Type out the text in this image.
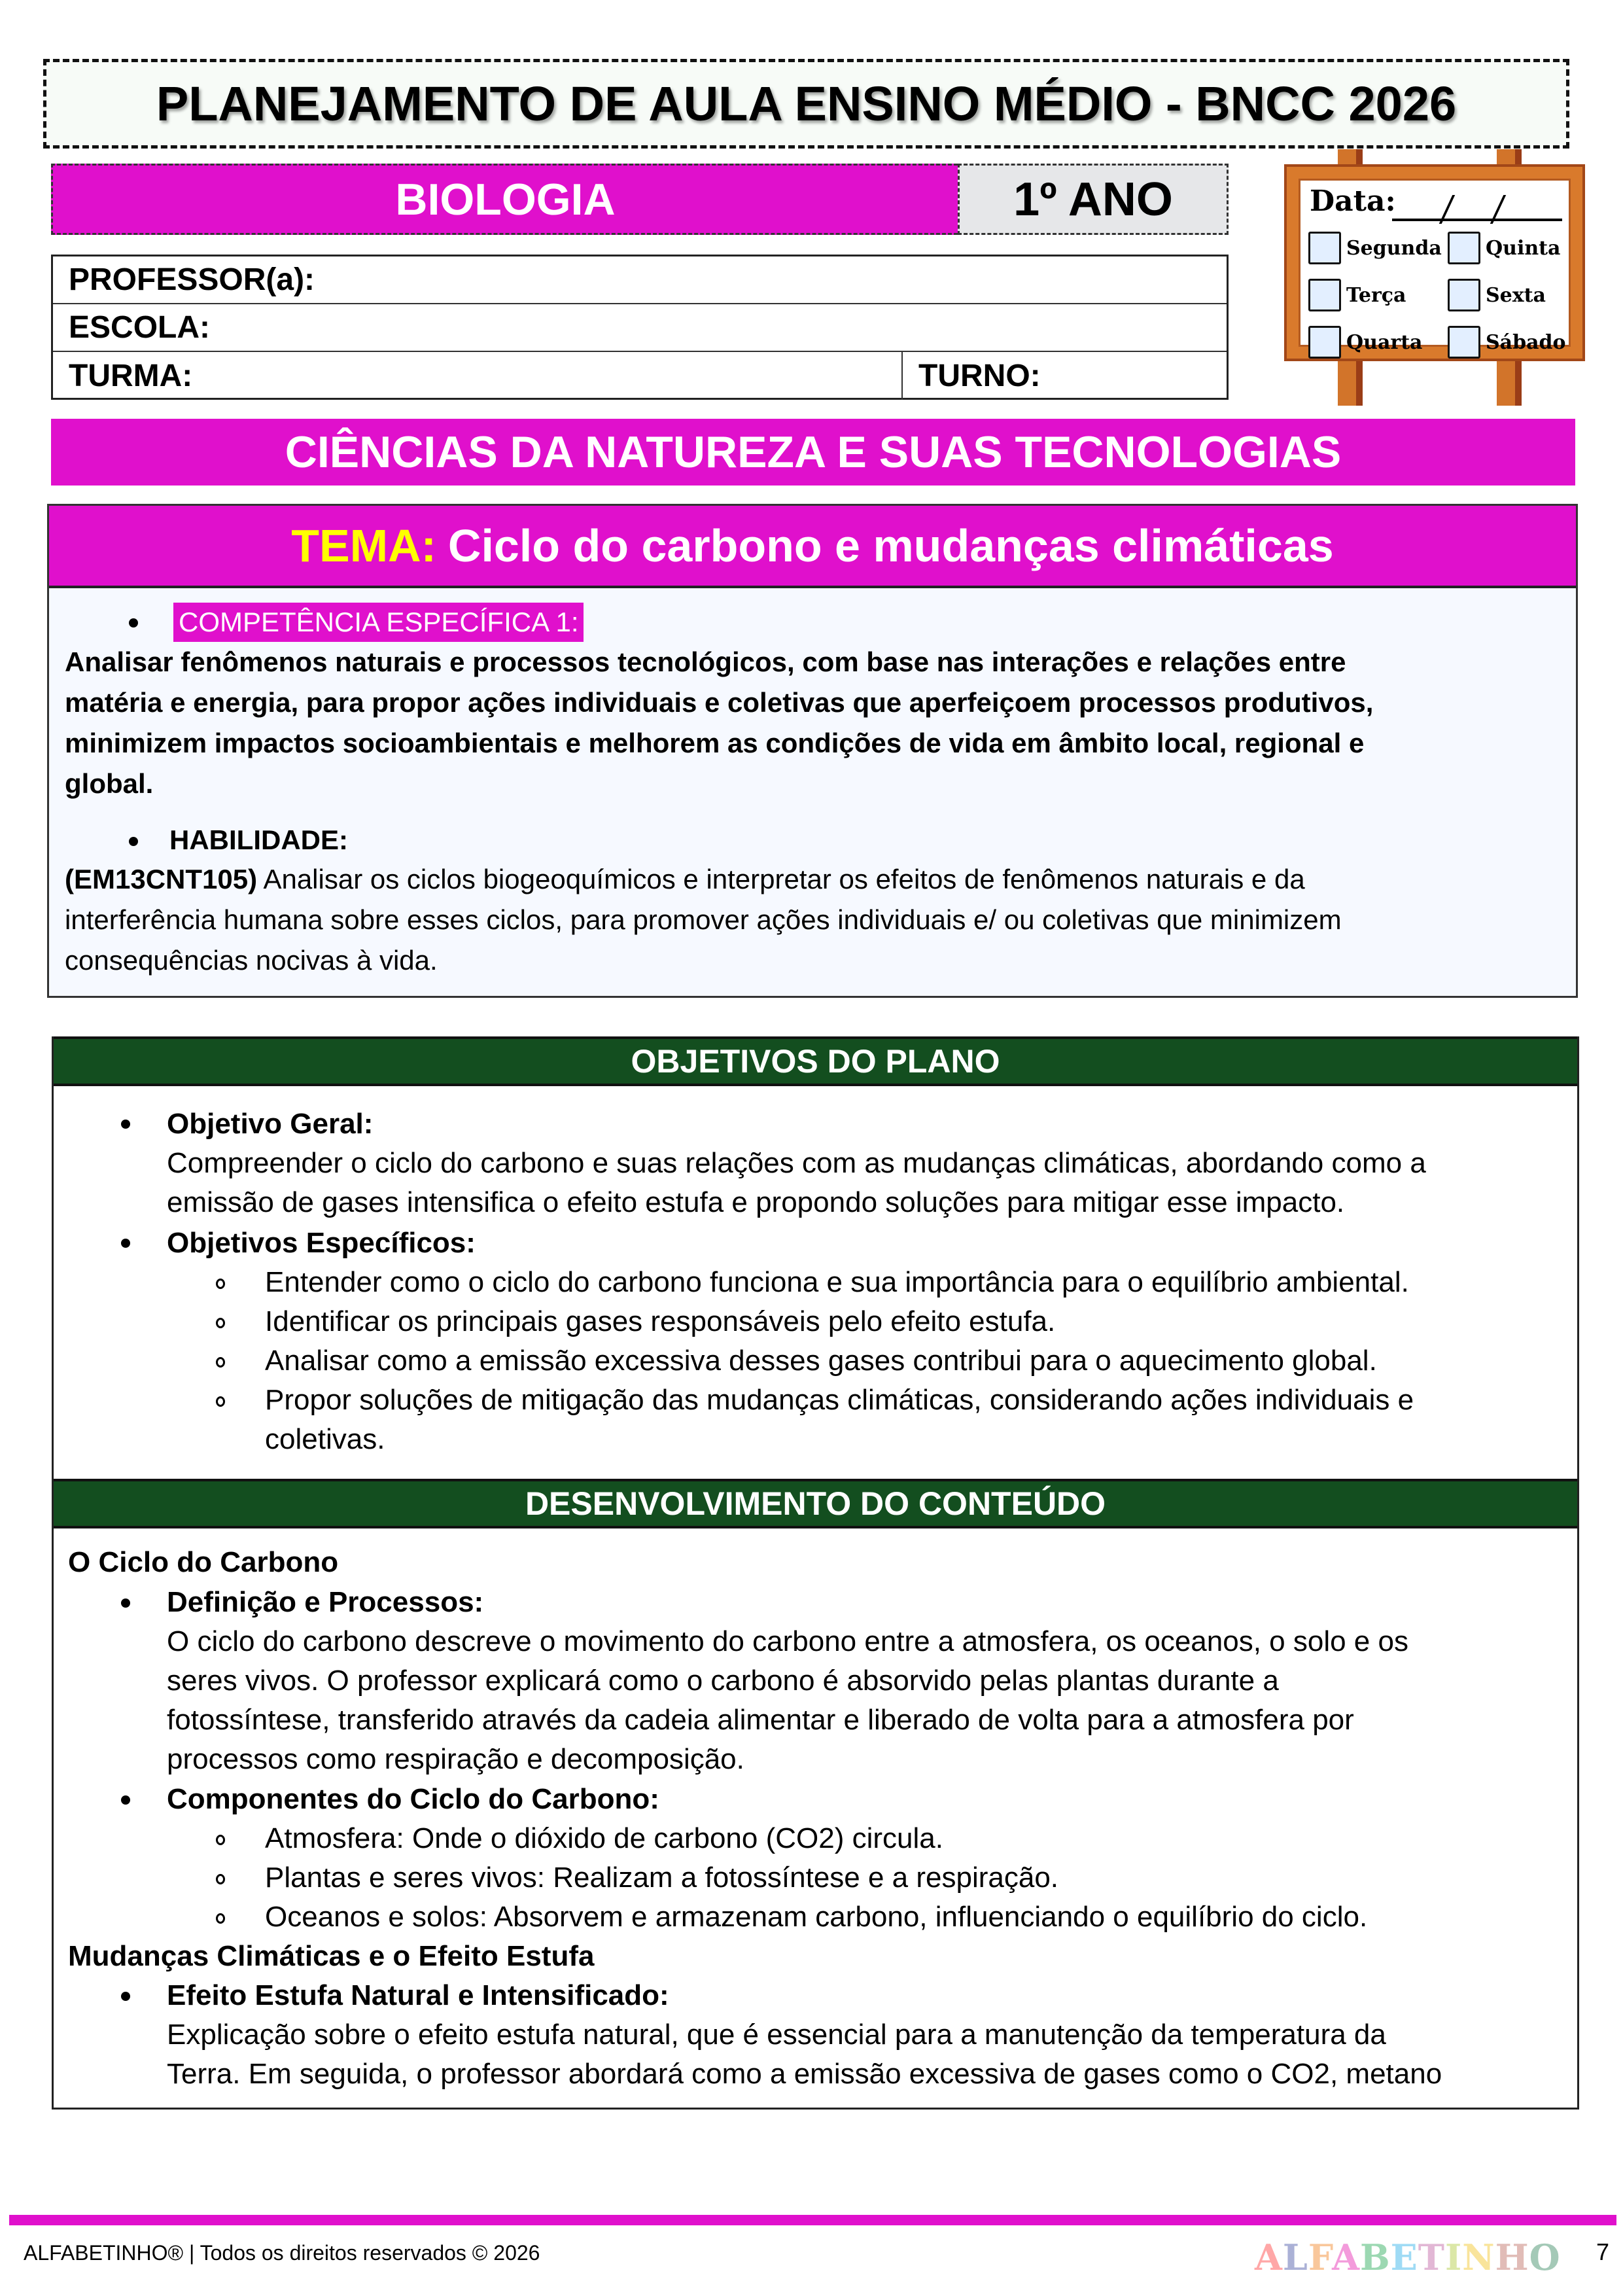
PLANEJAMENTO DE AULA ENSINO MÉDIO - BNCC 2026
BIOLOGIA	1º ANO
PROFESSOR(a):
ESCOLA:
TURMA:	TURNO:
Data:
Segunda Quinta
Terça	Sexta
Quarta	Sábado
CIÊNCIAS DA NATUREZA E SUAS TECNOLOGIAS
TEMA: Ciclo do carbono e mudanças climáticas
COMPETÊNCIA ESPECÍFICA 1:
Analisar fenômenos naturais e processos tecnológicos, com base nas interações e relações entre
matéria e energia, para propor ações individuais e coletivas que aperfeiçoem processos produtivos,
minimizem impactos socioambientais e melhorem as condições de vida em âmbito local, regional e
global.
HABILIDADE:
(EM13CNT105) Analisar os ciclos biogeoquímicos e interpretar os efeitos de fenômenos naturais e da
interferência humana sobre esses ciclos, para promover ações individuais e/ ou coletivas que minimizem
consequências nocivas à vida.
OBJETIVOS DO PLANO
Objetivo Geral:
Compreender o ciclo do carbono e suas relações com as mudanças climáticas, abordando como a
emissão de gases intensifica o efeito estufa e propondo soluções para mitigar esse impacto.
Objetivos Específicos:
Entender como o ciclo do carbono funciona e sua importância para o equilíbrio ambiental.
Identificar os principais gases responsáveis pelo efeito estufa.
Analisar como a emissão excessiva desses gases contribui para o aquecimento global.
Propor soluções de mitigação das mudanças climáticas, considerando ações individuais e
coletivas.
DESENVOLVIMENTO DO CONTEÚDO
O Ciclo do Carbono
Definição e Processos:
O ciclo do carbono descreve o movimento do carbono entre a atmosfera, os oceanos, o solo e os
seres vivos. O professor explicará como o carbono é absorvido pelas plantas durante a
fotossíntese, transferido através da cadeia alimentar e liberado de volta para a atmosfera por
processos como respiração e decomposição.
Componentes do Ciclo do Carbono:
Atmosfera: Onde o dióxido de carbono (CO2) circula.
Plantas e seres vivos: Realizam a fotossíntese e a respiração.
Oceanos e solos: Absorvem e armazenam carbono, influenciando o equilíbrio do ciclo.
Mudanças Climáticas e o Efeito Estufa
Efeito Estufa Natural e Intensificado:
Explicação sobre o efeito estufa natural, que é essencial para a manutenção da temperatura da
Terra. Em seguida, o professor abordará como a emissão excessiva de gases como o CO2, metano
ALFABETINHO® | Todos os direitos reservados © 2026	ALFABETINHO 7
